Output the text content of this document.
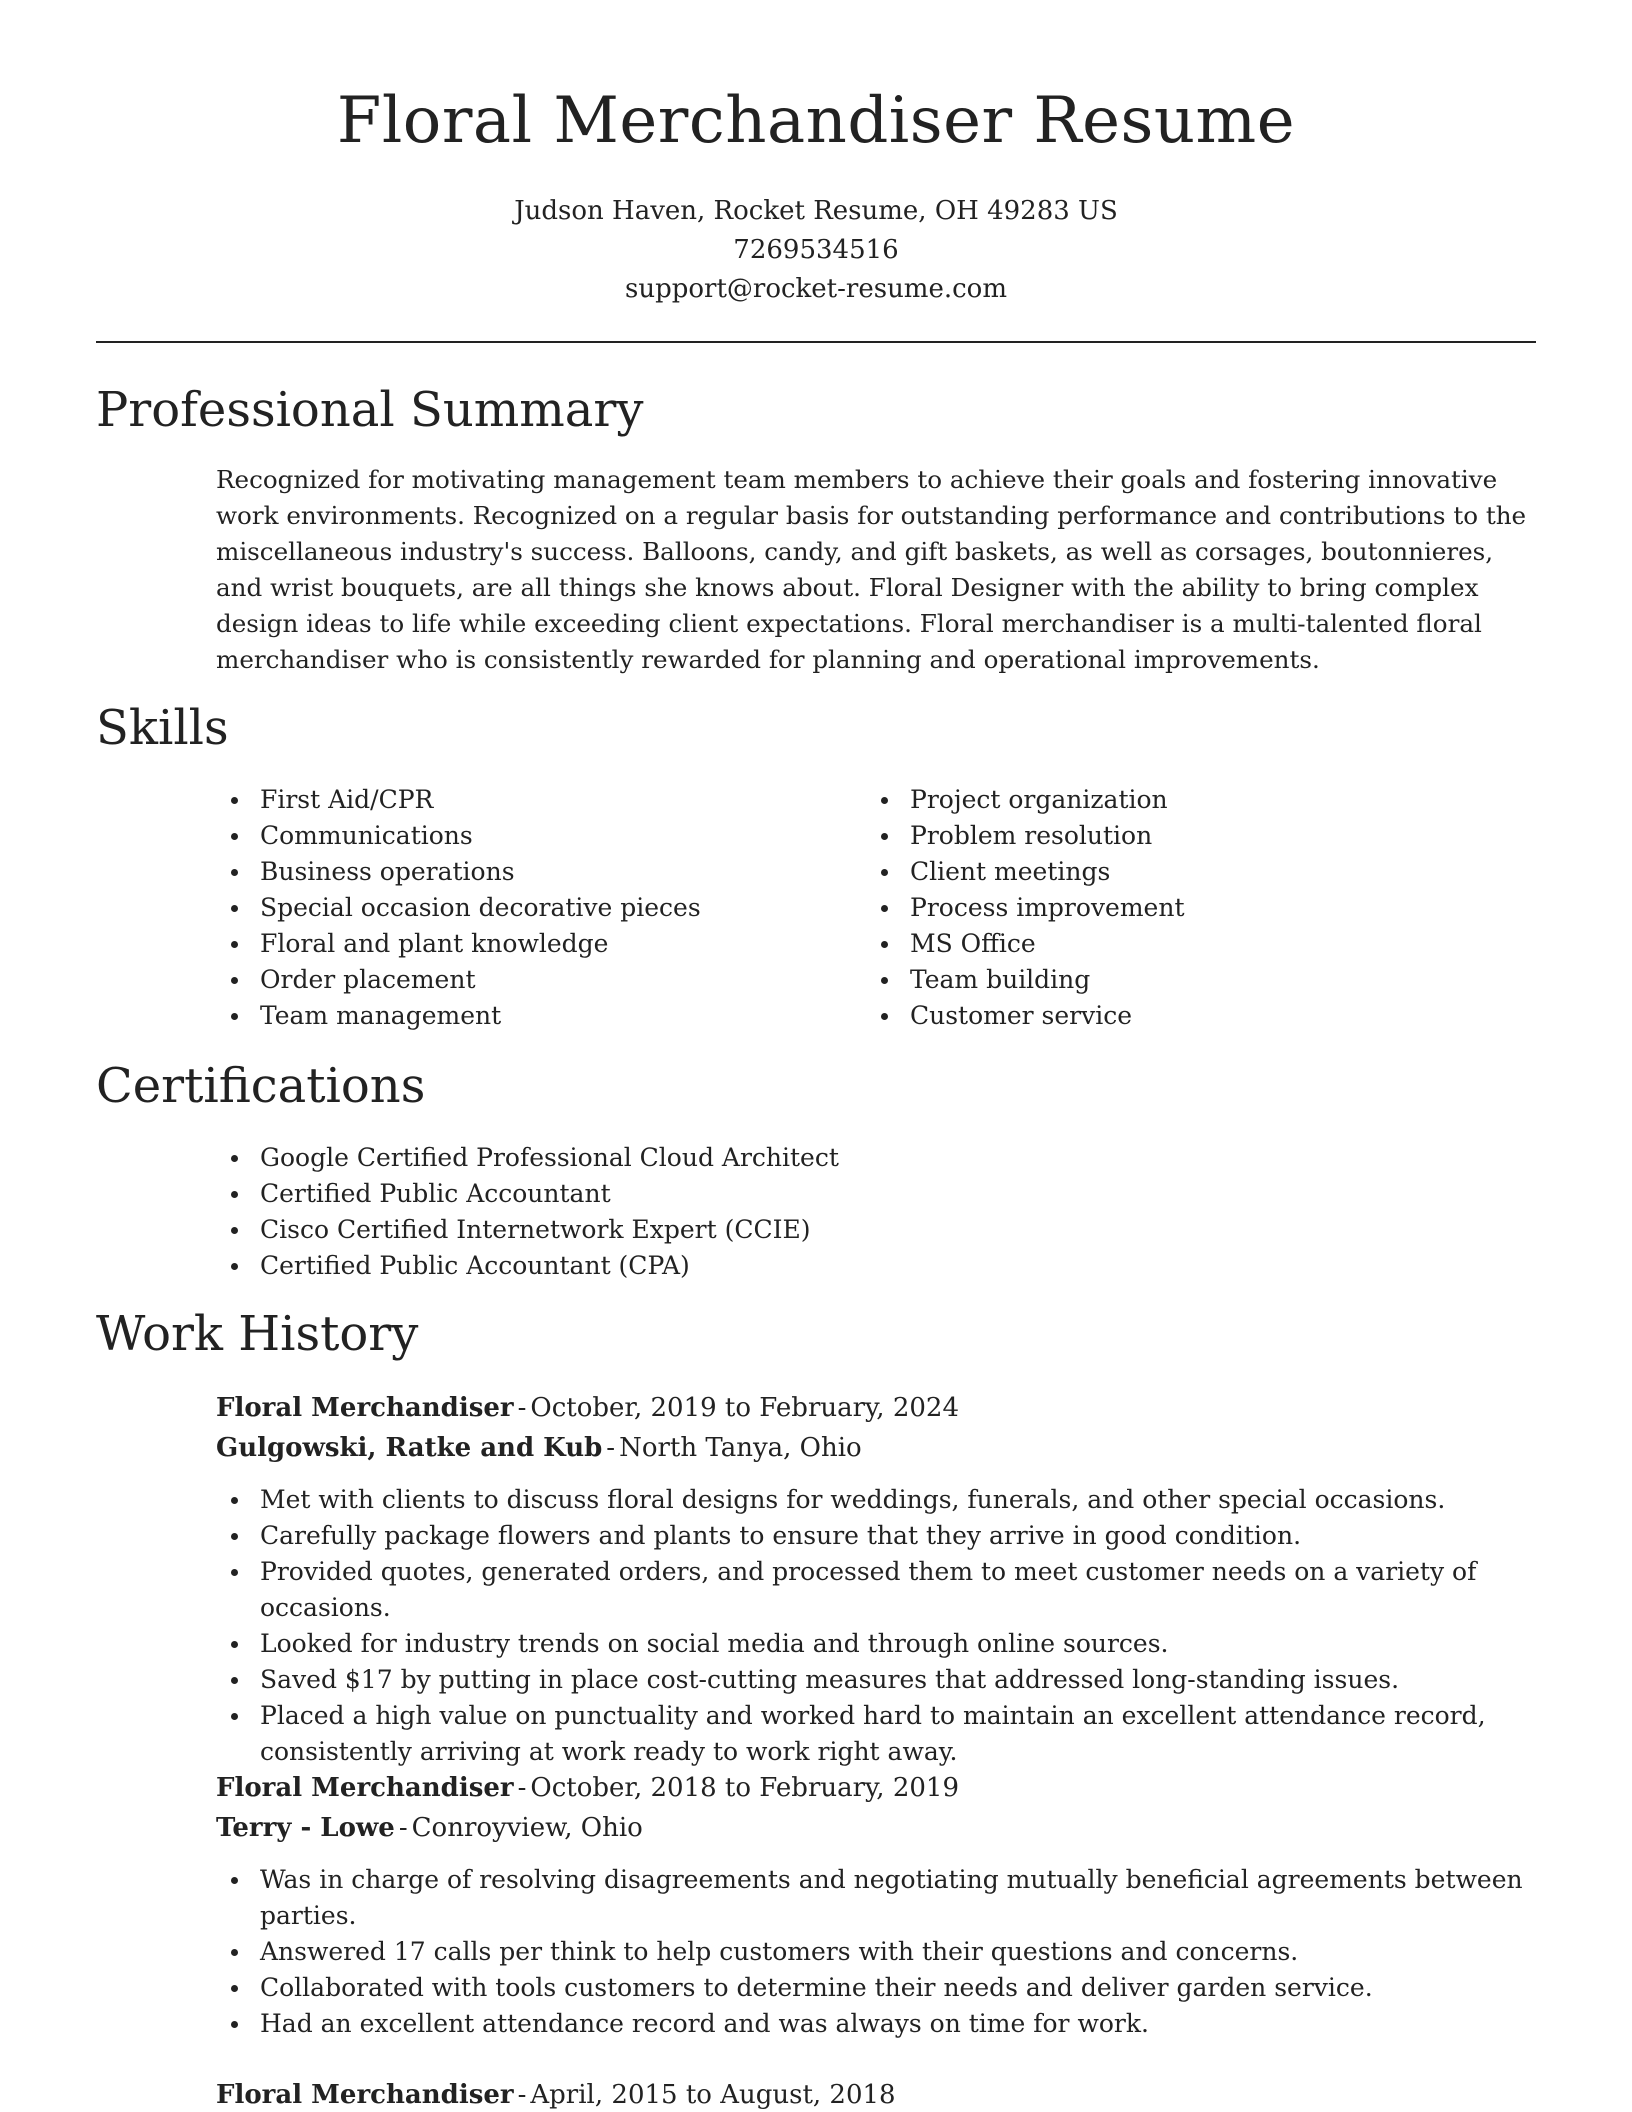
Floral Merchandiser Resume
Judson Haven, Rocket Resume, OH 49283 US
7269534516
support@rocket-resume.com
Professional Summary

Recognized for motivating management team members to achieve their goals and fostering innovative work environments. Recognized on a regular basis for outstanding performance and contributions to the miscellaneous industry's success. Balloons, candy, and gift baskets, as well as corsages, boutonnieres, and wrist bouquets, are all things she knows about. Floral Designer with the ability to bring complex design ideas to life while exceeding client expectations. Floral merchandiser is a multi-talented floral merchandiser who is consistently rewarded for planning and operational improvements.

Skills
First Aid/CPR
Communications
Business operations
Special occasion decorative pieces
Floral and plant knowledge
Order placement
Team management
Project organization
Problem resolution
Client meetings
Process improvement
MS Office
Team building
Customer service
Certifications
Google Certified Professional Cloud Architect
Certified Public Accountant
Cisco Certified Internetwork Expert (CCIE)
Certified Public Accountant (CPA)
Work History
Floral Merchandiser - October, 2019 to February, 2024
Gulgowski, Ratke and Kub - North Tanya, Ohio
Met with clients to discuss floral designs for weddings, funerals, and other special occasions.
Carefully package flowers and plants to ensure that they arrive in good condition.
Provided quotes, generated orders, and processed them to meet customer needs on a variety of occasions.
Looked for industry trends on social media and through online sources.
Saved $17 by putting in place cost-cutting measures that addressed long-standing issues.
Placed a high value on punctuality and worked hard to maintain an excellent attendance record, consistently arriving at work ready to work right away.
Floral Merchandiser - October, 2018 to February, 2019
Terry - Lowe - Conroyview, Ohio
Was in charge of resolving disagreements and negotiating mutually beneficial agreements between parties.
Answered 17 calls per think to help customers with their questions and concerns.
Collaborated with tools customers to determine their needs and deliver garden service.
Had an excellent attendance record and was always on time for work.
Floral Merchandiser - April, 2015 to August, 2018
